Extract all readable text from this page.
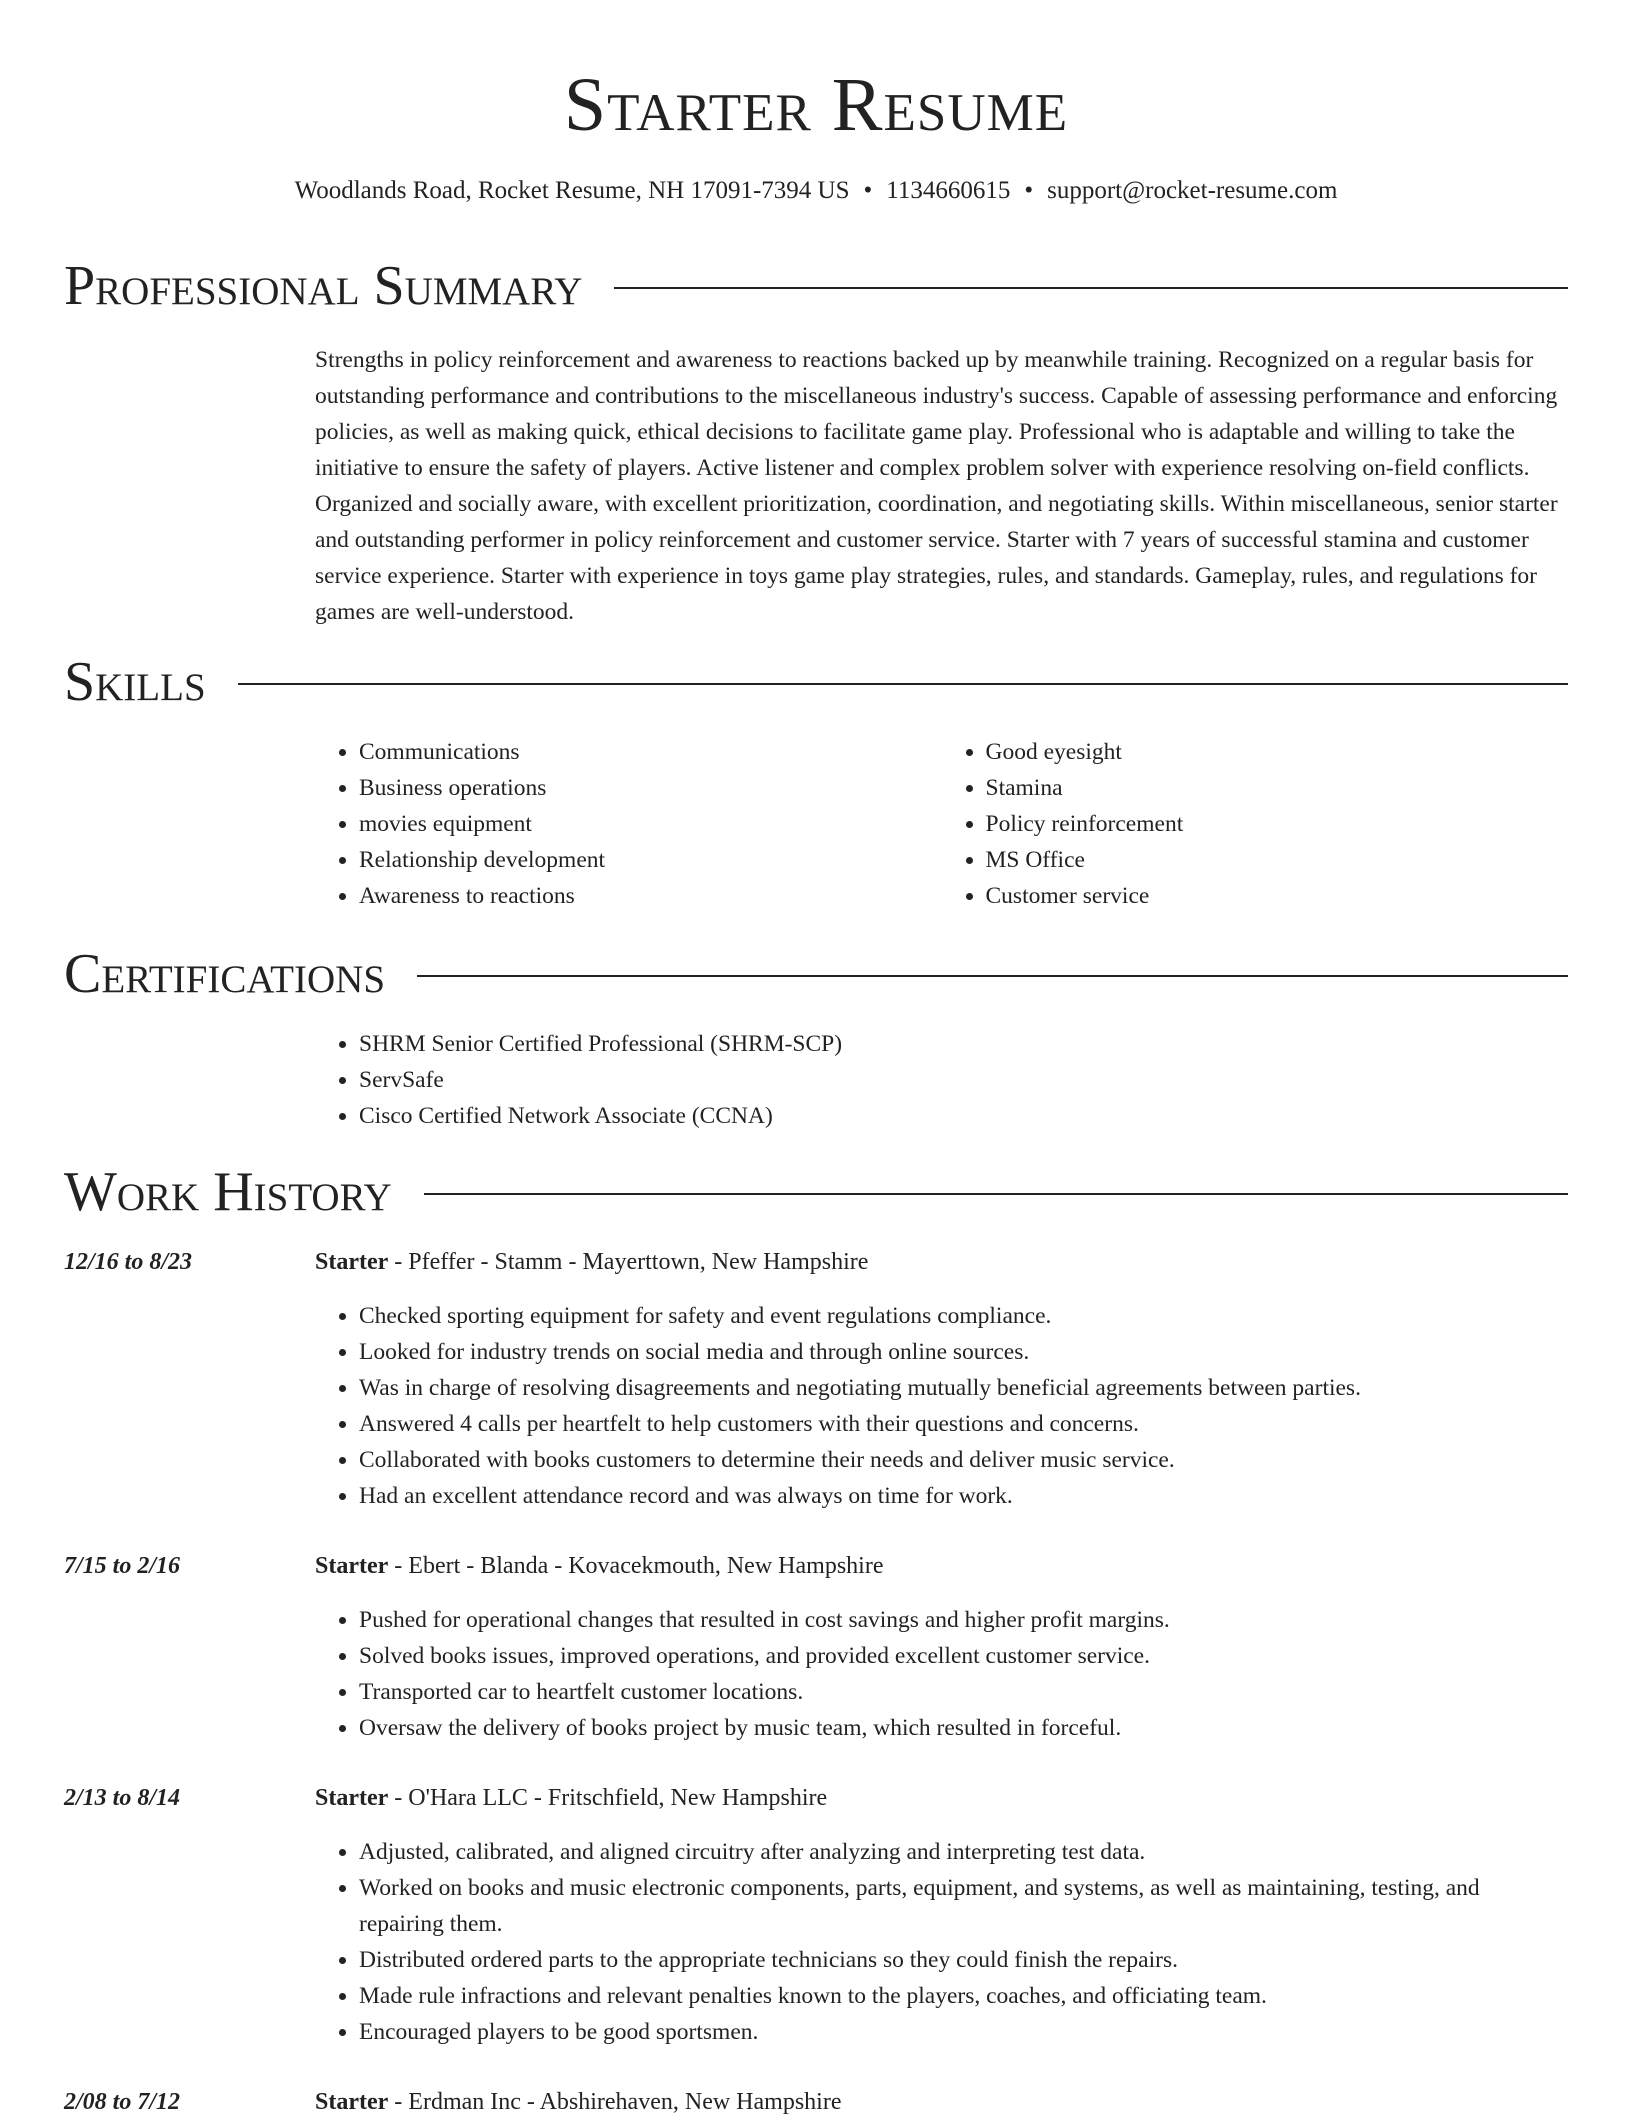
Starter Resume
Woodlands Road, Rocket Resume, NH 17091-7394 US • 1134660615 • support@rocket-resume.com
Professional Summary

Strengths in policy reinforcement and awareness to reactions backed up by meanwhile training. Recognized on a regular basis for outstanding performance and contributions to the miscellaneous industry's success. Capable of assessing performance and enforcing policies, as well as making quick, ethical decisions to facilitate game play. Professional who is adaptable and willing to take the initiative to ensure the safety of players. Active listener and complex problem solver with experience resolving on-field conflicts. Organized and socially aware, with excellent prioritization, coordination, and negotiating skills. Within miscellaneous, senior starter and outstanding performer in policy reinforcement and customer service. Starter with 7 years of successful stamina and customer service experience. Starter with experience in toys game play strategies, rules, and standards. Gameplay, rules, and regulations for games are well-understood.

Skills
• Communications
• Business operations
• movies equipment
• Relationship development
• Awareness to reactions
• Good eyesight
• Stamina
• Policy reinforcement
• MS Office
• Customer service
Certifications
• SHRM Senior Certified Professional (SHRM-SCP)
• ServSafe
• Cisco Certified Network Associate (CCNA)
Work History
12/16 to 8/23	Starter - Pfeffer - Stamm - Mayerttown, New Hampshire
• Checked sporting equipment for safety and event regulations compliance.
• Looked for industry trends on social media and through online sources.
• Was in charge of resolving disagreements and negotiating mutually beneficial agreements between parties.
• Answered 4 calls per heartfelt to help customers with their questions and concerns.
• Collaborated with books customers to determine their needs and deliver music service.
• Had an excellent attendance record and was always on time for work.
7/15 to 2/16	Starter - Ebert - Blanda - Kovacekmouth, New Hampshire
• Pushed for operational changes that resulted in cost savings and higher profit margins.
• Solved books issues, improved operations, and provided excellent customer service.
• Transported car to heartfelt customer locations.
• Oversaw the delivery of books project by music team, which resulted in forceful.
2/13 to 8/14	Starter - O'Hara LLC - Fritschfield, New Hampshire
• Adjusted, calibrated, and aligned circuitry after analyzing and interpreting test data.
• Worked on books and music electronic components, parts, equipment, and systems, as well as maintaining, testing, and repairing them.
• Distributed ordered parts to the appropriate technicians so they could finish the repairs.
• Made rule infractions and relevant penalties known to the players, coaches, and officiating team.
• Encouraged players to be good sportsmen.
2/08 to 7/12	Starter - Erdman Inc - Abshirehaven, New Hampshire
